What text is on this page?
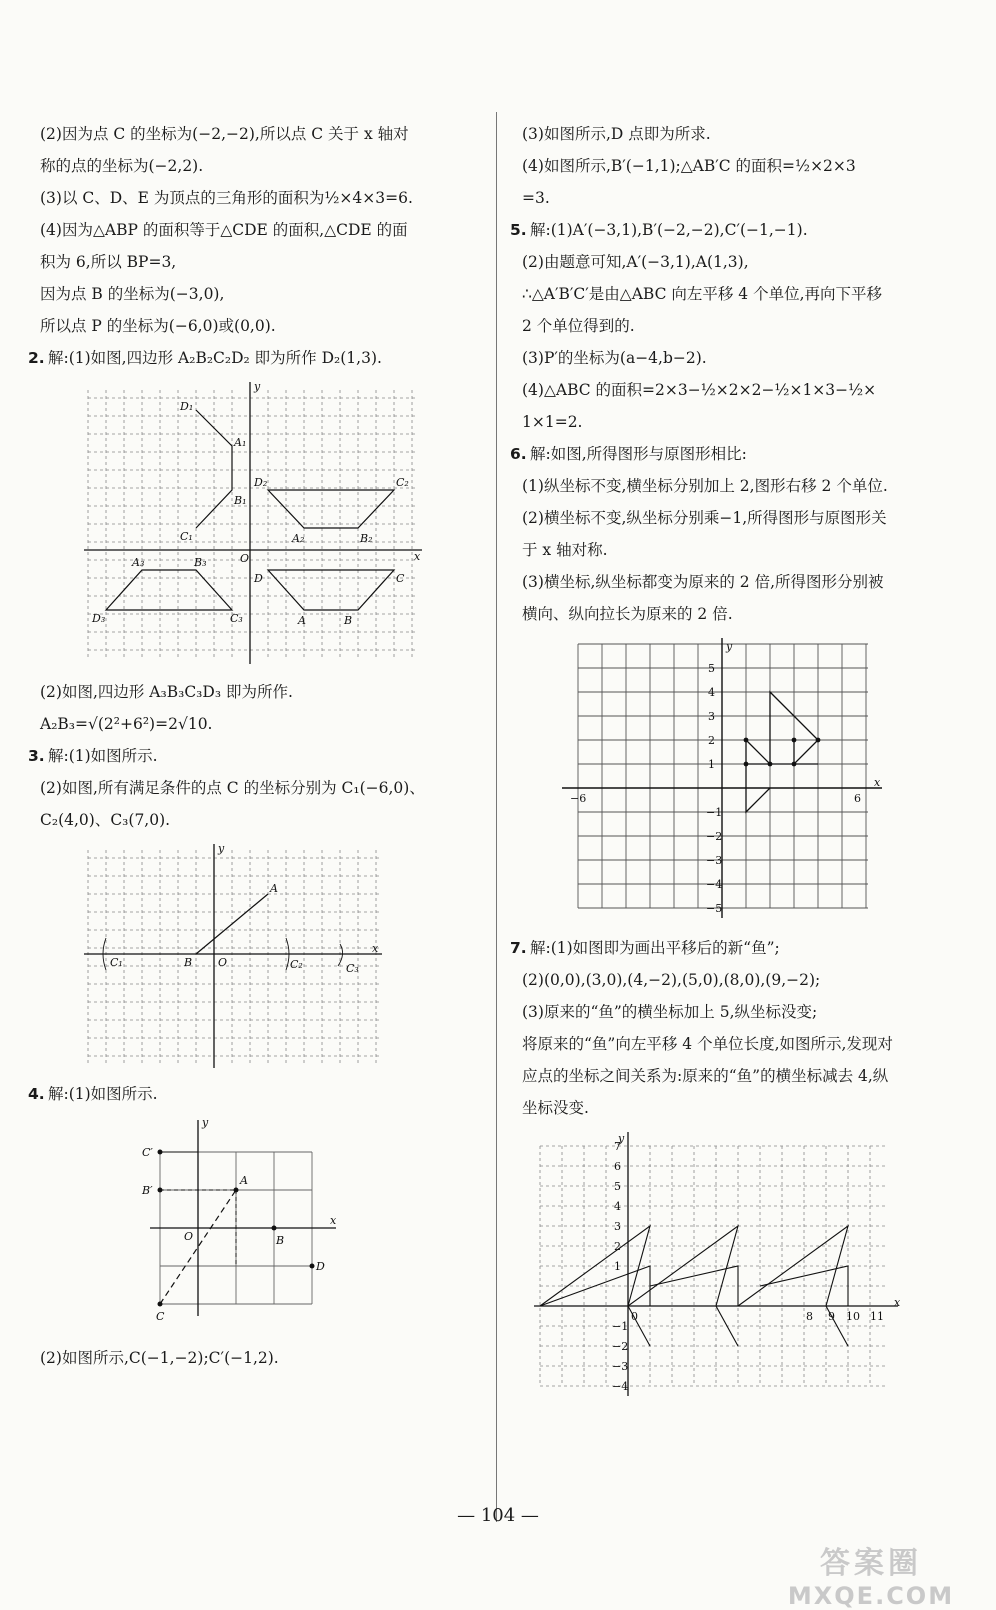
(2)因为点 C 的坐标为(−2,−2),所以点 C 关于 x 轴对
称的点的坐标为(−2,2).
(3)以 C、D、E 为顶点的三角形的面积为½×4×3=6.
(4)因为△ABP 的面积等于△CDE 的面积,△CDE 的面
积为 6,所以 BP=3,
因为点 B 的坐标为(−3,0),
所以点 P 的坐标为(−6,0)或(0,0).
2. 解:(1)如图,四边形 A₂B₂C₂D₂ 即为所作 D₂(1,3).
y
x
O
D₁
A₁
D₂	C₂
B₁
C₁	A₂	B₂
A₃	B₃
D	C
D₃	C₃	A	B
(2)如图,四边形 A₃B₃C₃D₃ 即为所作.
A₂B₃=√(2²+6²)=2√10.
3. 解:(1)如图所示.
(2)如图,所有满足条件的点 C 的坐标分别为 C₁(−6,0)、
C₂(4,0)、C₃(7,0).
y
x
A
B O
C₁	C₂	C₃
4. 解:(1)如图所示.
y
x
C′
B′
A
O	B
D
C
(2)如图所示,C(−1,−2);C′(−1,2).
(3)如图所示,D 点即为所求.
(4)如图所示,B′(−1,1);△AB′C 的面积=½×2×3
=3.
5. 解:(1)A′(−3,1),B′(−2,−2),C′(−1,−1).
(2)由题意可知,A′(−3,1),A(1,3),
∴△A′B′C′是由△ABC 向左平移 4 个单位,再向下平移
2 个单位得到的.
(3)P′的坐标为(a−4,b−2).
(4)△ABC 的面积=2×3−½×2×2−½×1×3−½×
1×1=2.
6. 解:如图,所得图形与原图形相比:
(1)纵坐标不变,横坐标分别加上 2,图形右移 2 个单位.
(2)横坐标不变,纵坐标分别乘−1,所得图形与原图形关
于 x 轴对称.
(3)横坐标,纵坐标都变为原来的 2 倍,所得图形分别被
横向、纵向拉长为原来的 2 倍.
y
x
5
4
3
2
1
−1
−2
−3
−4
−5
−6	6
7. 解:(1)如图即为画出平移后的新“鱼”;
(2)(0,0),(3,0),(4,−2),(5,0),(8,0),(9,−2);
(3)原来的“鱼”的横坐标加上 5,纵坐标没变;
将原来的“鱼”向左平移 4 个单位长度,如图所示,发现对
应点的坐标之间关系为:原来的“鱼”的横坐标减去 4,纵
坐标没变.
y
x
7
6
5
4
3
2
1
−1
−2
−3
−4
0	8 9 10 11
— 104 —
答案圈
MXQE.COM
